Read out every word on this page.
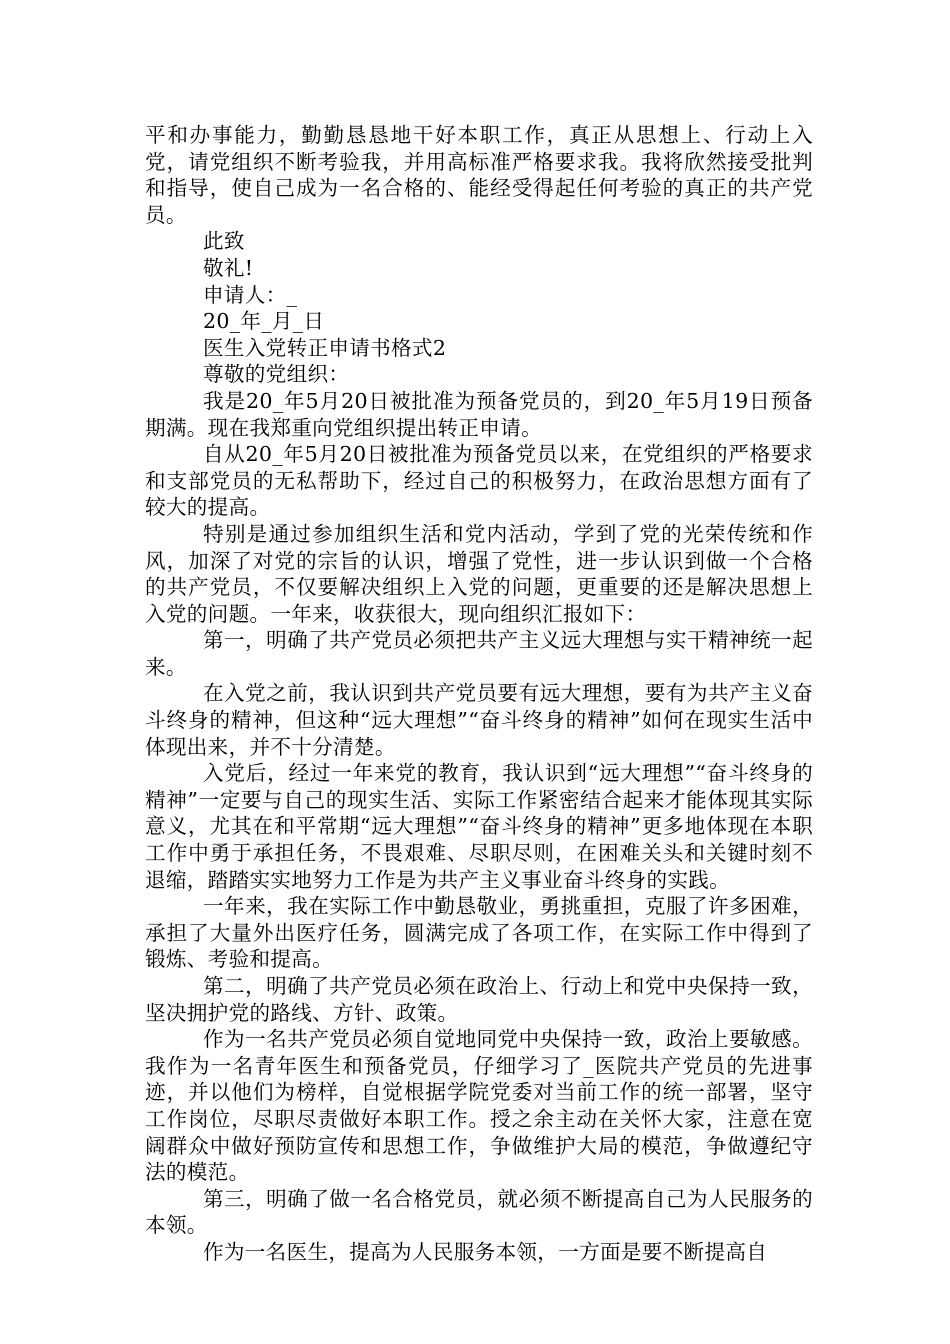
平和办事能力，勤勤恳恳地干好本职工作，真正从思想上、行动上入党，请党组织不断考验我，并用高标准严格要求我。我将欣然接受批判和指导，使自己成为一名合格的、能经受得起任何考验的真正的共产党员。

此致

敬礼!

申请人：_

20_年_月_日

医生入党转正申请书格式2

尊敬的党组织：

我是20_年5月20日被批准为预备党员的，到20_年5月19日预备期满。现在我郑重向党组织提出转正申请。

自从20_年5月20日被批准为预备党员以来，在党组织的严格要求和支部党员的无私帮助下，经过自己的积极努力，在政治思想方面有了较大的提高。

特别是通过参加组织生活和党内活动，学到了党的光荣传统和作风，加深了对党的宗旨的认识，增强了党性，进一步认识到做一个合格的共产党员，不仅要解决组织上入党的问题，更重要的还是解决思想上入党的问题。一年来，收获很大，现向组织汇报如下：

第一，明确了共产党员必须把共产主义远大理想与实干精神统一起来。

在入党之前，我认识到共产党员要有远大理想，要有为共产主义奋斗终身的精神，但这种“远大理想”“奋斗终身的精神”如何在现实生活中体现出来，并不十分清楚。

入党后，经过一年来党的教育，我认识到“远大理想”“奋斗终身的精神”一定要与自己的现实生活、实际工作紧密结合起来才能体现其实际意义，尤其在和平常期“远大理想”“奋斗终身的精神”更多地体现在本职工作中勇于承担任务，不畏艰难、尽职尽则，在困难关头和关键时刻不退缩，踏踏实实地努力工作是为共产主义事业奋斗终身的实践。

一年来，我在实际工作中勤恳敬业，勇挑重担，克服了许多困难，承担了大量外出医疗任务，圆满完成了各项工作，在实际工作中得到了锻炼、考验和提高。

第二，明确了共产党员必须在政治上、行动上和党中央保持一致，坚决拥护党的路线、方针、政策。

作为一名共产党员必须自觉地同党中央保持一致，政治上要敏感。我作为一名青年医生和预备党员，仔细学习了_医院共产党员的先进事迹，并以他们为榜样，自觉根据学院党委对当前工作的统一部署，坚守工作岗位，尽职尽责做好本职工作。授之余主动在关怀大家，注意在宽阔群众中做好预防宣传和思想工作，争做维护大局的模范，争做遵纪守法的模范。

第三，明确了做一名合格党员，就必须不断提高自己为人民服务的本领。

作为一名医生，提高为人民服务本领，一方面是要不断提高自
